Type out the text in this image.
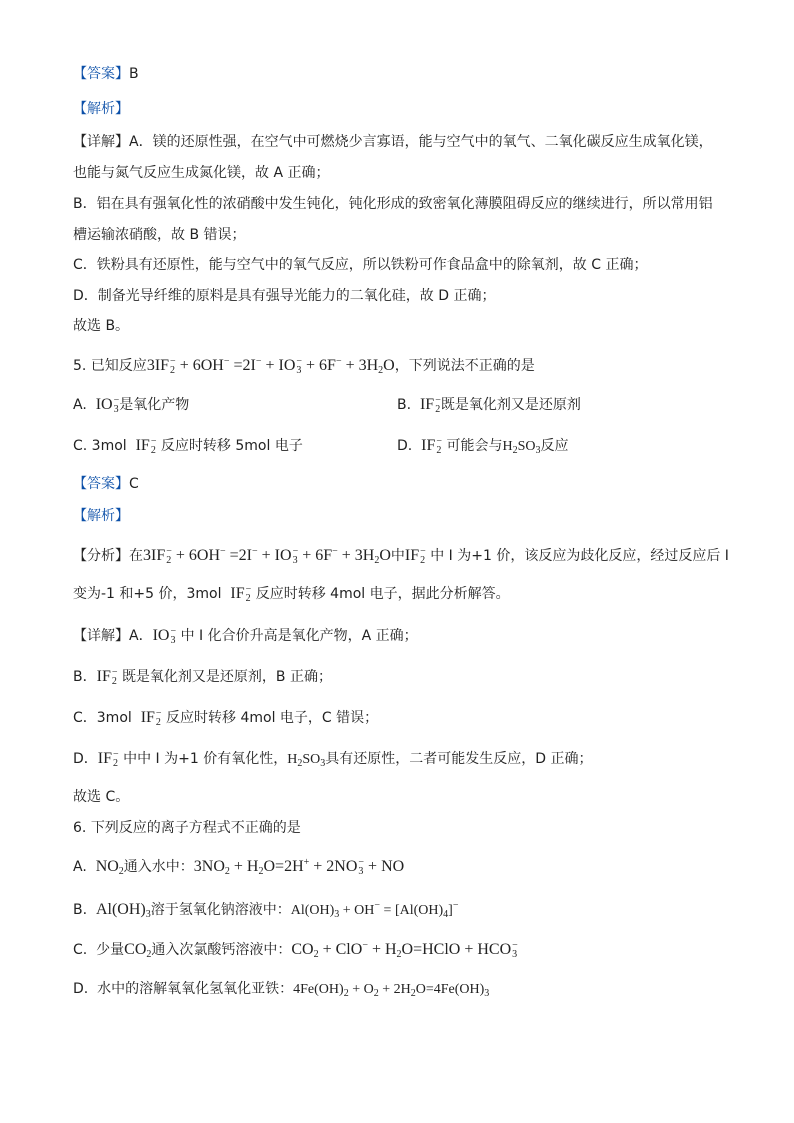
【答案】B
【解析】
【详解】A．镁的还原性强，在空气中可燃烧少言寡语，能与空气中的氧气、二氧化碳反应生成氧化镁，
也能与氮气反应生成氮化镁，故 A 正确；
B．铝在具有强氧化性的浓硝酸中发生钝化，钝化形成的致密氧化薄膜阻碍反应的继续进行，所以常用铝
槽运输浓硝酸，故 B 错误；
C．铁粉具有还原性，能与空气中的氧气反应，所以铁粉可作食品盒中的除氧剂，故 C 正确；
D．制备光导纤维的原料是具有强导光能力的二氧化硅，故 D 正确；
故选 B。
5. 已知反应3IF −
2 + 6OH− =2I− + IO −
$3 + 6F^- + 3H_2O$，下列说法不正确的是
A. IO −
3 是氧化产物	B. IF −
2 既是氧化剂又是还原剂
C. 3mol IF −
2 反应时转移 5mol 电子	D. IF −
2 可能会与$H_2SO_3$反应
【答案】C
【解析】
【分析】在3IF −
2 + 6OH− =2I− + IO −
$3 + 6F^- + 3H_2O$中IF −
2 中 I 为+1 价，该反应为歧化反应，经过反应后 I
变为-1 和+5 价，3mol IF −
2 反应时转移 4mol 电子，据此分析解答。
【详解】A．IO −
3 中 I 化合价升高是氧化产物，A 正确；
B．IF −
2 既是氧化剂又是还原剂，B 正确；
C．3mol IF −
2 反应时转移 4mol 电子，C 错误；
D．IF −
2 中中 I 为+1 价有氧化性，$H_2SO_3$具有还原性，二者可能发生反应，D 正确；
故选 C。
6. 下列反应的离子方程式不正确的是
A. $NO_2$通入水中：$3NO_2 + H_2O=2H^+ + 2NO$ −
3 + NO
B. $Al(OH)_3$溶于氢氧化钠溶液中：$Al(OH)_3 + OH^- = [Al(OH)_4]^-$
C. 少量$CO_2$通入次氯酸钙溶液中：$CO_2 + ClO^-$ + $H_2O=HClO$ + HCO −
3
D. 水中的溶解氧氧化氢氧化亚铁：$4Fe(OH)_2 + O_2 + 2H_2O=4Fe(OH)_3$
